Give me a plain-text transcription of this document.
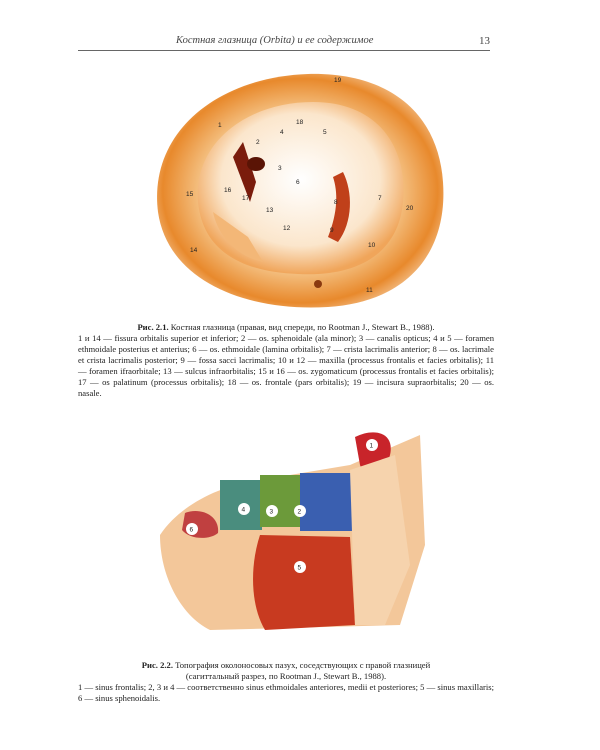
Костная глазница (Orbita) и ее содержимое	13
1
2
3
4	5
6
7
8
9
10
11
12
13
14
15
16
17
18
19
20
Рис. 2.1. Костная глазница (правая, вид спереди, по Rootman J., Stewart B., 1988).
1 и 14 — fissura orbitalis superior et inferior; 2 — os. sphenoidale (ala minor); 3 — canalis opticus; 4 и 5 — foramen ethmoidale posterius et anterius; 6 — os. ethmoidale (lamina orbitalis); 7 — crista lacrimalis anterior; 8 — os. lacrimale et crista lacrimalis posterior; 9 — fossa sacci lacrimalis; 10 и 12 — maxilla (processus frontalis et facies orbitalis); 11 — foramen ifraorbitale; 13 — sulcus infraorbitalis; 15 и 16 — os. zygomaticum (processus frontalis et facies orbitalis); 17 — os palatinum (processus orbitalis); 18 — os. frontale (pars orbitalis); 19 — incisura supraorbitalis; 20 — os. nasale.
1
2
3
4
5
6
Рис. 2.2. Топография околоносовых пазух, соседствующих с правой глазницей
(сагиттальный разрез, по Rootman J., Stewart B., 1988).
1 — sinus frontalis; 2, 3 и 4 — соответственно sinus ethmoidales anteriores, medii et posteriores; 5 — sinus maxillaris; 6 — sinus sphenoidalis.
